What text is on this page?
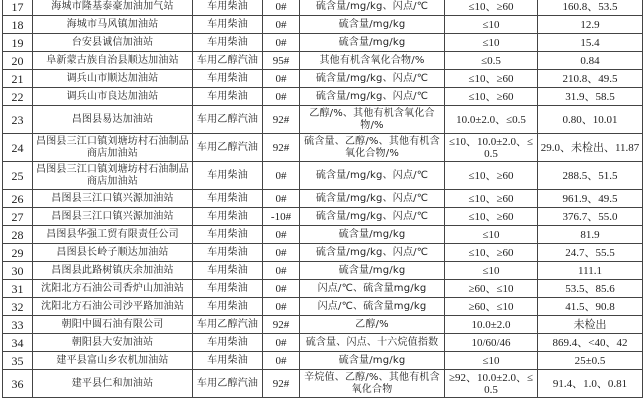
17	海城市隆基泰豪加油加气站	车用柴油	0#	硫含量/mg/kg、闪点/℃	≤10、≥60	160.8、53.5
18	海城市马风镇加油站	车用柴油	0#	硫含量/mg/kg	≤10	12.9
19	台安县诚信加油站	车用柴油	0#	硫含量/mg/kg	≤10	15.4
20	阜新蒙古族自治县顺达加油站	车用乙醇汽油	95#	其他有机含氧化合物/%	≤0.5	0.84
21	调兵山市顺达加油站	车用柴油	0#	硫含量/mg/kg、闪点/℃	≤10、≥60	210.8、49.5
22	调兵山市良达加油站	车用柴油	0#	硫含量/mg/kg、闪点/℃	≤10、≥60	31.9、58.5
23	昌图县易达加油站	车用乙醇汽油	92#	乙醇/%、其他有机含氧化合物/%	10.0±2.0、≤0.5	0.80、10.01
24	昌图县三江口镇刘塘坊村石油制品商店加油站	车用乙醇汽油	92#	硫含量、乙醇/%、其他有机含氧化合物/%	≤10、10.0±2.0、≤0.5	29.0、未检出、11.87
25	昌图县三江口镇刘塘坊村石油制品商店加油站	车用柴油	0#	硫含量/mg/kg、闪点/℃	≤10、≥60	288.5、51.5
26	昌图县三江口镇兴源加油站	车用柴油	0#	硫含量/mg/kg、闪点/℃	≤10、≥60	961.9、49.5
27	昌图县三江口镇兴源加油站	车用柴油	-10#	硫含量/mg/kg、闪点/℃	≤10、≥60	376.7、55.0
28	昌图县华强工贸有限责任公司	车用柴油	0#	硫含量/mg/kg	≤10	81.9
29	昌图县长岭子顺达加油站	车用柴油	0#	硫含量/mg/kg、闪点/℃	≤10、≥60	24.7、55.5
30	昌图县此路树镇庆余加油站	车用柴油	0#	硫含量/mg/kg	≤10	111.1
31	沈阳北方石油公司香炉山加油站	车用柴油	0#	闪点/℃、硫含量mg/kg	≥60、≤10	53.5、85.6
32	沈阳北方石油公司沙平路加油站	车用柴油	0#	闪点/℃、硫含量mg/kg	≥60、≤10	41.5、90.8
33	朝阳中圆石油有限公司	车用乙醇汽油	92#	乙醇/%	10.0±2.0	未检出
34	朝阳县大安加油站	车用柴油	0#	硫含量、闪点、十六烷值指数	10/60/46	869.4、<40、42
35	建平县富山乡农机加油站	车用柴油	0#	硫含量/mg/kg	≤10	25±0.5
36	建平县仁和加油站	车用乙醇汽油	92#	辛烷值、乙醇/%、其他有机含氧化合物	≥92、10.0±2.0、≤0.5	91.4、1.0、0.81
